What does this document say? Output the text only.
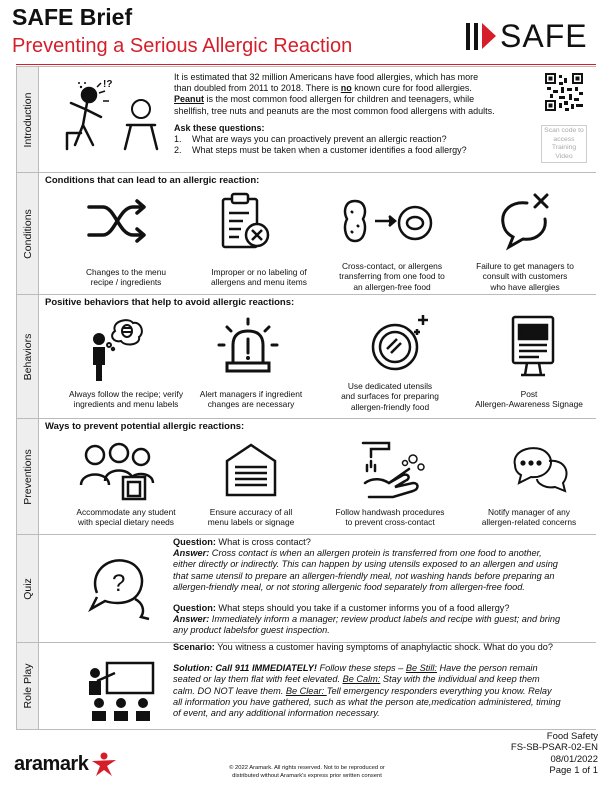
SAFE Brief
Preventing a Serious Allergic Reaction	SAFE
Introduction
!?
It is estimated that 32 million Americans have food allergies, which has more
than doubled from 2011 to 2018. There is no known cure for food allergies.
Peanut is the most common food allergen for children and teenagers, while
shellfish, tree nuts and peanuts are the most common food allergens with adults.
Ask these questions:
1.	What are ways you can proactively prevent an allergic reaction?
2.	What steps must be taken when a customer identifies a food allergy?
Scan code to access Training Video
Conditions
Conditions that can lead to an allergic reaction:
Changes to the menu
recipe / ingredients
Improper or no labeling of
allergens and menu items
Cross-contact, or allergens
transferring from one food to
an allergen-free food
Failure to get managers to
consult with customers
who have allergies
Behaviors
Positive behaviors that help to avoid allergic reactions:
Always follow the recipe; verify
ingredients and menu labels
Alert managers if ingredient
changes are necessary
Use dedicated utensils
and surfaces for preparing
allergen-friendly food
Post
Allergen-Awareness Signage
Preventions
Ways to prevent potential allergic reactions:
Accommodate any student
with special dietary needs
Ensure accuracy of all
menu labels or signage
Follow handwash procedures
to prevent cross-contact
Notify manager of any
allergen-related concerns
Quiz	?
Question: What is cross contact?
Answer: Cross contact is when an allergen protein is transferred from one food to another,
either directly or indirectly. This can happen by using utensils exposed to an allergen and using
that same utensil to prepare an allergen-friendly meal, not washing hands before preparing an
allergen-friendly meal, or not storing allergenic food separately from allergen-free food.
Question: What steps should you take if a customer informs you of a food allergy?
Answer: Immediately inform a manager; review product labels and recipe with guest; and bring
any product labelsfor guest inspection.
Role Play
Scenario: You witness a customer having symptoms of anaphylactic shock. What do you do?
Solution: Call 911 IMMEDIATELY! Follow these steps – Be Still: Have the person remain
seated or lay them flat with feet elevated. Be Calm: Stay with the individual and keep them
calm. DO NOT leave them. Be Clear: Tell emergency responders everything you know. Relay
all information you have gathered, such as what the person ate,medication administered, timing
of event, and any additional information necessary.
aramark	© 2022 Aramark. All rights reserved. Not to be reproduced or
distributed without Aramark's express prior written consent
Food Safety
FS-SB-PSAR-02-EN
08/01/2022
Page 1 of 1
